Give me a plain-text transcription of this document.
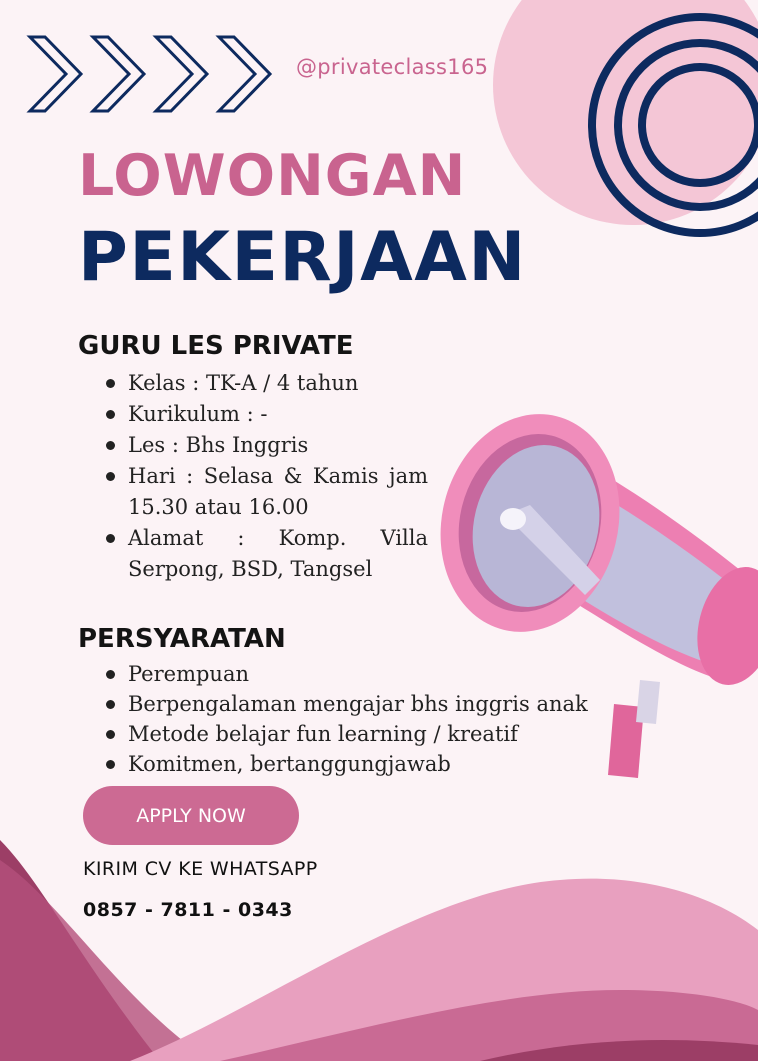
@privateclass165
LOWONGAN
PEKERJAAN
GURU LES PRIVATE
Kelas : TK-A / 4 tahun
Kurikulum : -
Les : Bhs Inggris
Hari : Selasa & Kamis jam 15.30 atau 16.00
Alamat : Komp. Villa Serpong, BSD, Tangsel
PERSYARATAN
Perempuan
Berpengalaman mengajar bhs inggris anak
Metode belajar fun learning / kreatif
Komitmen, bertanggungjawab
APPLY NOW
KIRIM CV KE WHATSAPP
0857 - 7811 - 0343
